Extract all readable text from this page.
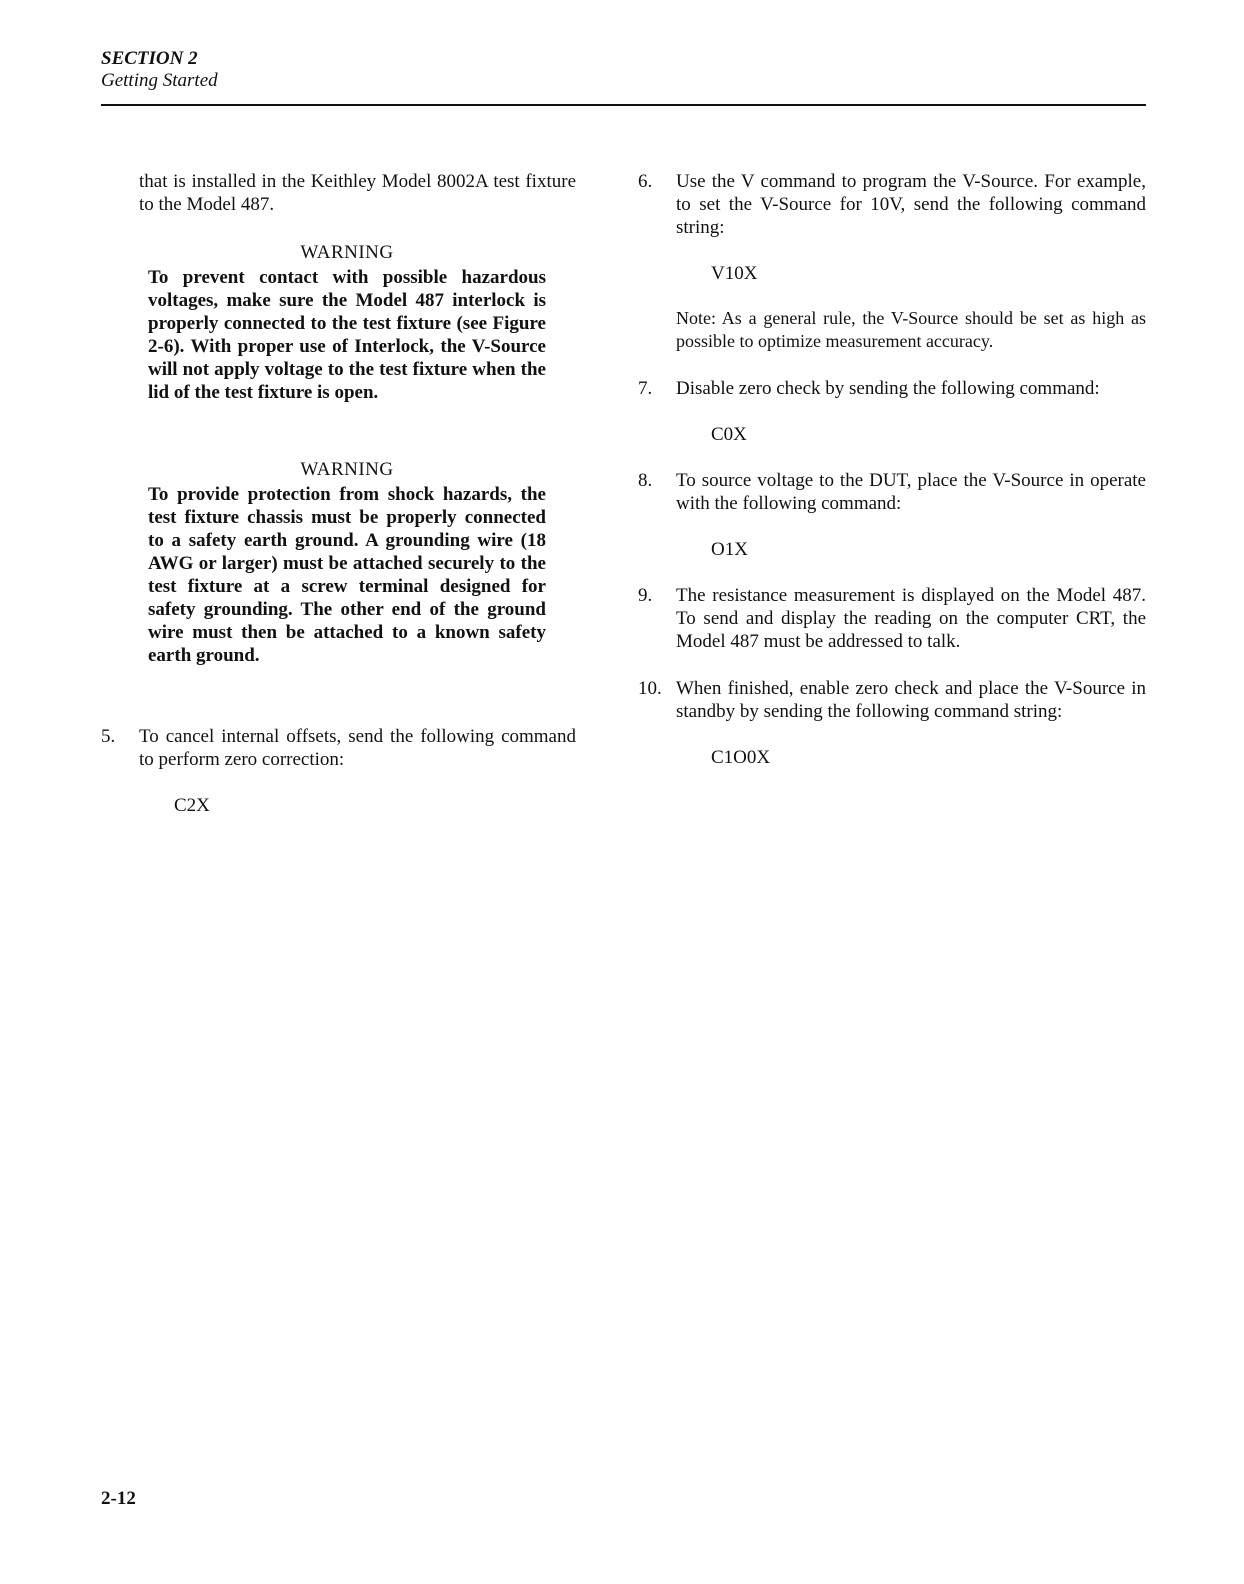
SECTION 2
Getting Started
that is installed in the Keithley Model 8002A test fixture to the Model 487.
WARNING
To prevent contact with possible hazardous voltages, make sure the Model 487 interlock is properly connected to the test fixture (see Figure 2-6). With proper use of Interlock, the V-Source will not apply voltage to the test fixture when the lid of the test fixture is open.
WARNING
To provide protection from shock hazards, the test fixture chassis must be properly connected to a safety earth ground. A grounding wire (18 AWG or larger) must be attached securely to the test fixture at a screw terminal designed for safety grounding. The other end of the ground wire must then be attached to a known safety earth ground.
5.	To cancel internal offsets, send the following command to perform zero correction:
C2X
6.	Use the V command to program the V-Source. For example, to set the V-Source for 10V, send the following command string:
V10X
Note: As a general rule, the V-Source should be set as high as possible to optimize measurement accuracy.
7.	Disable zero check by sending the following command:
C0X
8.	To source voltage to the DUT, place the V-Source in operate with the following command:
O1X
9.	The resistance measurement is displayed on the Model 487. To send and display the reading on the computer CRT, the Model 487 must be addressed to talk.
10. When finished, enable zero check and place the V-Source in standby by sending the following command string:
C1O0X
2-12
